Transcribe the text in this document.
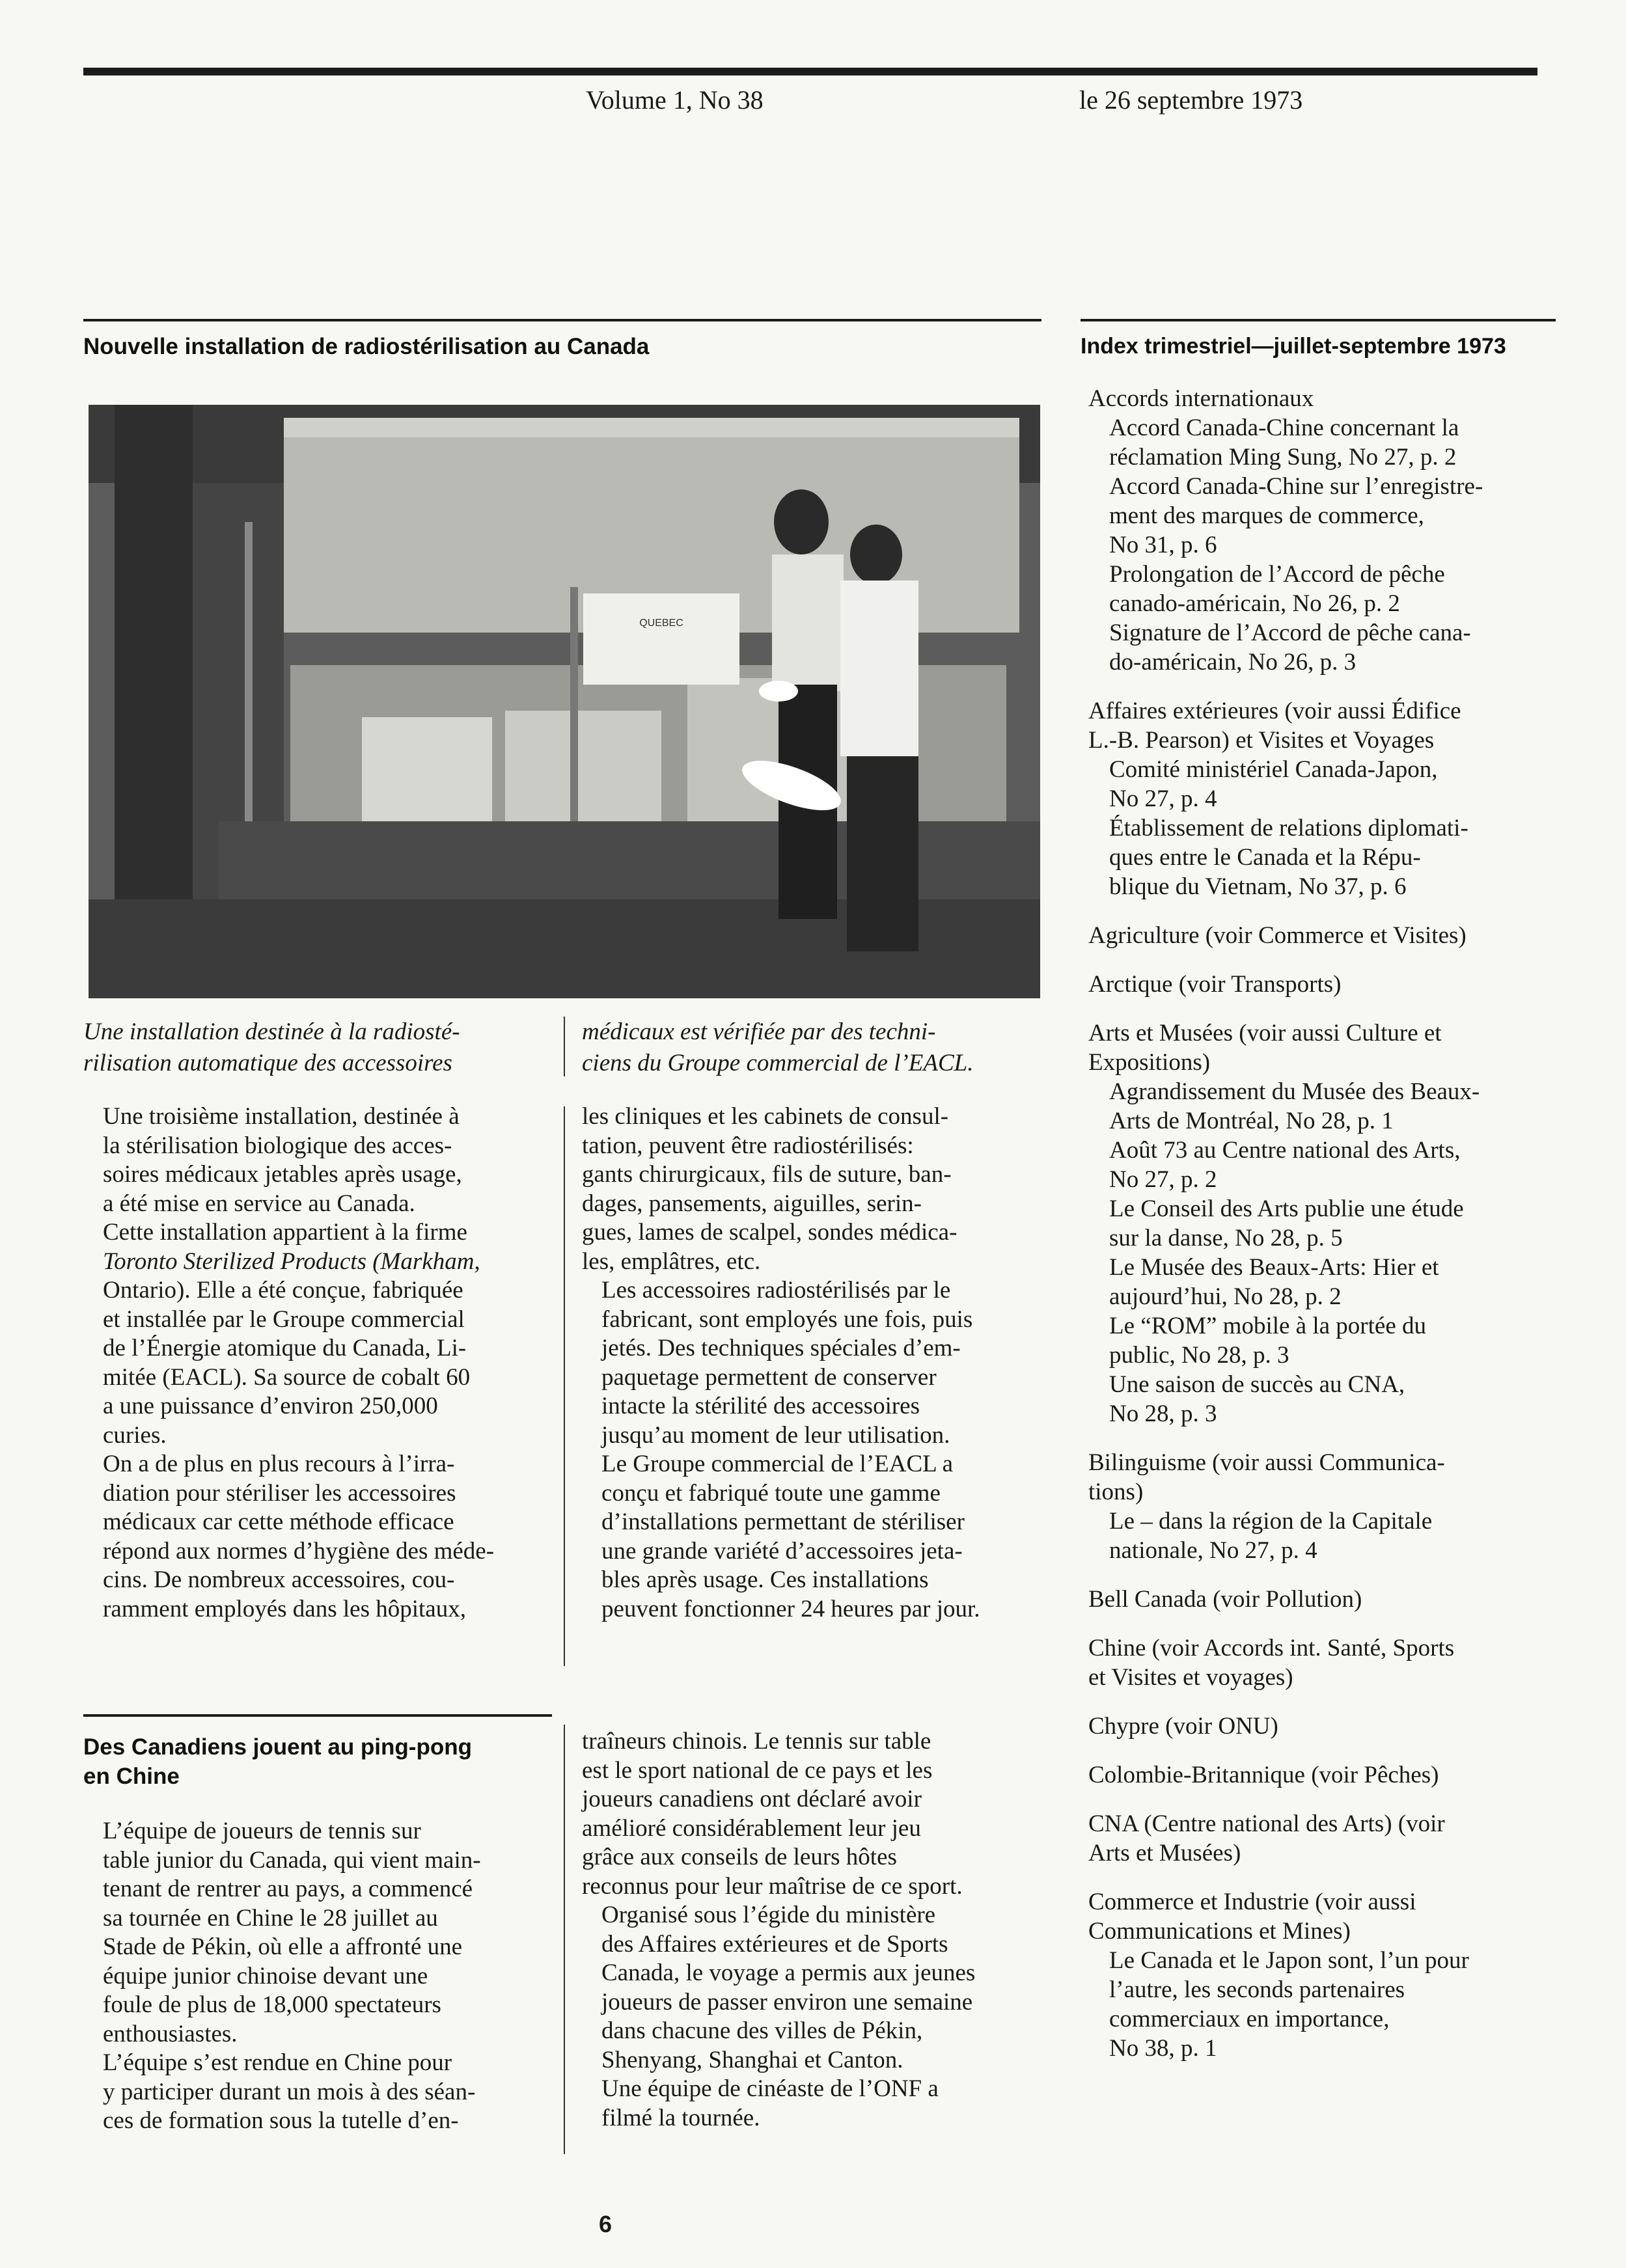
Volume 1, No 38	le 26 septembre 1973
Nouvelle installation de radiostérilisation au Canada
QUEBEC
Une installation destinée à la radiosté-
rilisation automatique des accessoires
médicaux est vérifiée par des techni-
ciens du Groupe commercial de l’EACL.

Une troisième installation, destinée à
la stérilisation biologique des acces-
soires médicaux jetables après usage,
a été mise en service au Canada.

Cette installation appartient à la firme
Toronto Sterilized Products (Markham,
Ontario). Elle a été conçue, fabriquée
et installée par le Groupe commercial
de l’Énergie atomique du Canada, Li-
mitée (EACL). Sa source de cobalt 60
a une puissance d’environ 250,000
curies.

On a de plus en plus recours à l’irra-
diation pour stériliser les accessoires
médicaux car cette méthode efficace
répond aux normes d’hygiène des méde-
cins. De nombreux accessoires, cou-
ramment employés dans les hôpitaux,

les cliniques et les cabinets de consul-
tation, peuvent être radiostérilisés:
gants chirurgicaux, fils de suture, ban-
dages, pansements, aiguilles, serin-
gues, lames de scalpel, sondes médica-
les, emplâtres, etc.

Les accessoires radiostérilisés par le
fabricant, sont employés une fois, puis
jetés. Des techniques spéciales d’em-
paquetage permettent de conserver
intacte la stérilité des accessoires
jusqu’au moment de leur utilisation.

Le Groupe commercial de l’EACL a
conçu et fabriqué toute une gamme
d’installations permettant de stériliser
une grande variété d’accessoires jeta-
bles après usage. Ces installations
peuvent fonctionner 24 heures par jour.

Des Canadiens jouent au ping-pong
en Chine

L’équipe de joueurs de tennis sur
table junior du Canada, qui vient main-
tenant de rentrer au pays, a commencé
sa tournée en Chine le 28 juillet au
Stade de Pékin, où elle a affronté une
équipe junior chinoise devant une
foule de plus de 18,000 spectateurs
enthousiastes.

L’équipe s’est rendue en Chine pour
y participer durant un mois à des séan-
ces de formation sous la tutelle d’en-

traîneurs chinois. Le tennis sur table
est le sport national de ce pays et les
joueurs canadiens ont déclaré avoir
amélioré considérablement leur jeu
grâce aux conseils de leurs hôtes
reconnus pour leur maîtrise de ce sport.

Organisé sous l’égide du ministère
des Affaires extérieures et de Sports
Canada, le voyage a permis aux jeunes
joueurs de passer environ une semaine
dans chacune des villes de Pékin,
Shenyang, Shanghai et Canton.

Une équipe de cinéaste de l’ONF a
filmé la tournée.

Index trimestriel—juillet-septembre 1973
Accords internationaux
Accord Canada-Chine concernant la
réclamation Ming Sung, No 27, p. 2
Accord Canada-Chine sur l’enregistre-
ment des marques de commerce,
No 31, p. 6
Prolongation de l’Accord de pêche
canado-américain, No 26, p. 2
Signature de l’Accord de pêche cana-
do-américain, No 26, p. 3
Affaires extérieures (voir aussi Édifice
L.-B. Pearson) et Visites et Voyages
Comité ministériel Canada-Japon,
No 27, p. 4
Établissement de relations diplomati-
ques entre le Canada et la Répu-
blique du Vietnam, No 37, p. 6
Agriculture (voir Commerce et Visites)
Arctique (voir Transports)
Arts et Musées (voir aussi Culture et
Expositions)
Agrandissement du Musée des Beaux-
Arts de Montréal, No 28, p. 1
Août 73 au Centre national des Arts,
No 27, p. 2
Le Conseil des Arts publie une étude
sur la danse, No 28, p. 5
Le Musée des Beaux-Arts: Hier et
aujourd’hui, No 28, p. 2
Le “ROM” mobile à la portée du
public, No 28, p. 3
Une saison de succès au CNA,
No 28, p. 3
Bilinguisme (voir aussi Communica-
tions)
Le – dans la région de la Capitale
nationale, No 27, p. 4
Bell Canada (voir Pollution)
Chine (voir Accords int. Santé, Sports
et Visites et voyages)
Chypre (voir ONU)
Colombie-Britannique (voir Pêches)
CNA (Centre national des Arts) (voir
Arts et Musées)
Commerce et Industrie (voir aussi
Communications et Mines)
Le Canada et le Japon sont, l’un pour
l’autre, les seconds partenaires
commerciaux en importance,
No 38, p. 1
6
